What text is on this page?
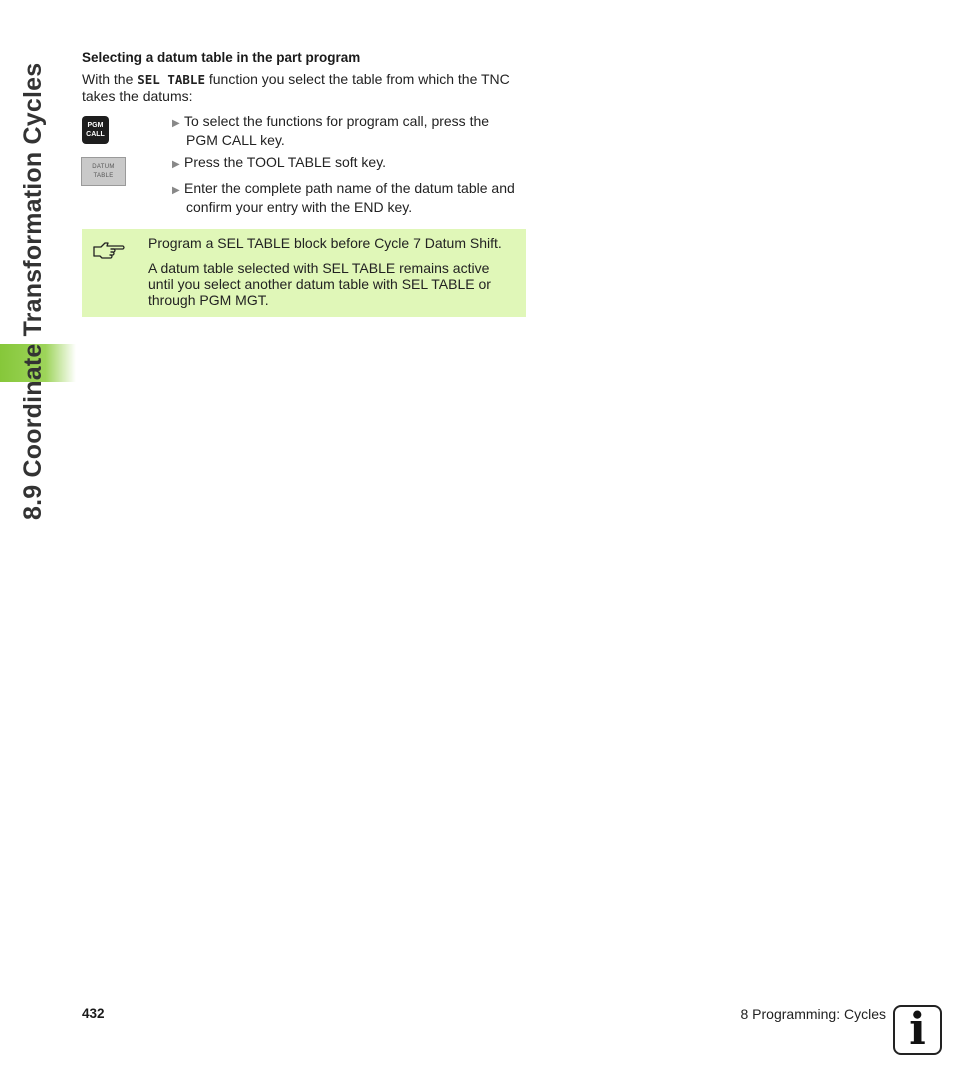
8.9 Coordinate Transformation Cycles
Selecting a datum table in the part program
With the SEL TABLE function you select the table from which the TNC takes the datums:
PGM
CALL
DATUM
TABLE
▶ To select the functions for program call, press the
PGM CALL key.
▶ Press the TOOL TABLE soft key.
▶ Enter the complete path name of the datum table and
confirm your entry with the END key.

Program a SEL TABLE block before Cycle 7 Datum Shift.

A datum table selected with SEL TABLE remains active until you select another datum table with SEL TABLE or through PGM MGT.

432	8 Programming: Cycles i
